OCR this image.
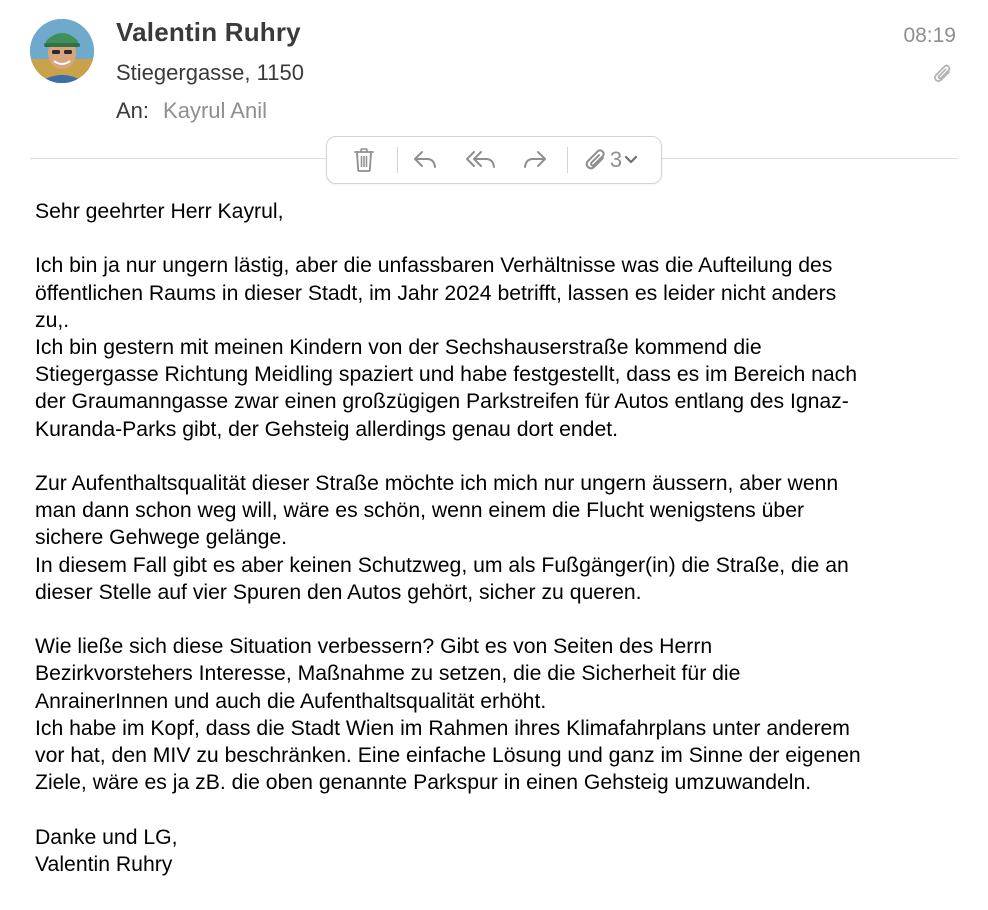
Valentin Ruhry
Stiegergasse, 1150
An: Kayrul Anil
08:19
3

Sehr geehrter Herr Kayrul,

Ich bin ja nur ungern lästig, aber die unfassbaren Verhältnisse was die Aufteilung des

öffentlichen Raums in dieser Stadt, im Jahr 2024 betrifft, lassen es leider nicht anders

zu,.

Ich bin gestern mit meinen Kindern von der Sechshauserstraße kommend die

Stiegergasse Richtung Meidling spaziert und habe festgestellt, dass es im Bereich nach

der Graumanngasse zwar einen großzügigen Parkstreifen für Autos entlang des Ignaz-

Kuranda-Parks gibt, der Gehsteig allerdings genau dort endet.

Zur Aufenthaltsqualität dieser Straße möchte ich mich nur ungern äussern, aber wenn

man dann schon weg will, wäre es schön, wenn einem die Flucht wenigstens über

sichere Gehwege gelänge.

In diesem Fall gibt es aber keinen Schutzweg, um als Fußgänger(in) die Straße, die an

dieser Stelle auf vier Spuren den Autos gehört, sicher zu queren.

Wie ließe sich diese Situation verbessern? Gibt es von Seiten des Herrn

Bezirkvorstehers Interesse, Maßnahme zu setzen, die die Sicherheit für die

AnrainerInnen und auch die Aufenthaltsqualität erhöht.

Ich habe im Kopf, dass die Stadt Wien im Rahmen ihres Klimafahrplans unter anderem

vor hat, den MIV zu beschränken. Eine einfache Lösung und ganz im Sinne der eigenen

Ziele, wäre es ja zB. die oben genannte Parkspur in einen Gehsteig umzuwandeln.

Danke und LG,

Valentin Ruhry
